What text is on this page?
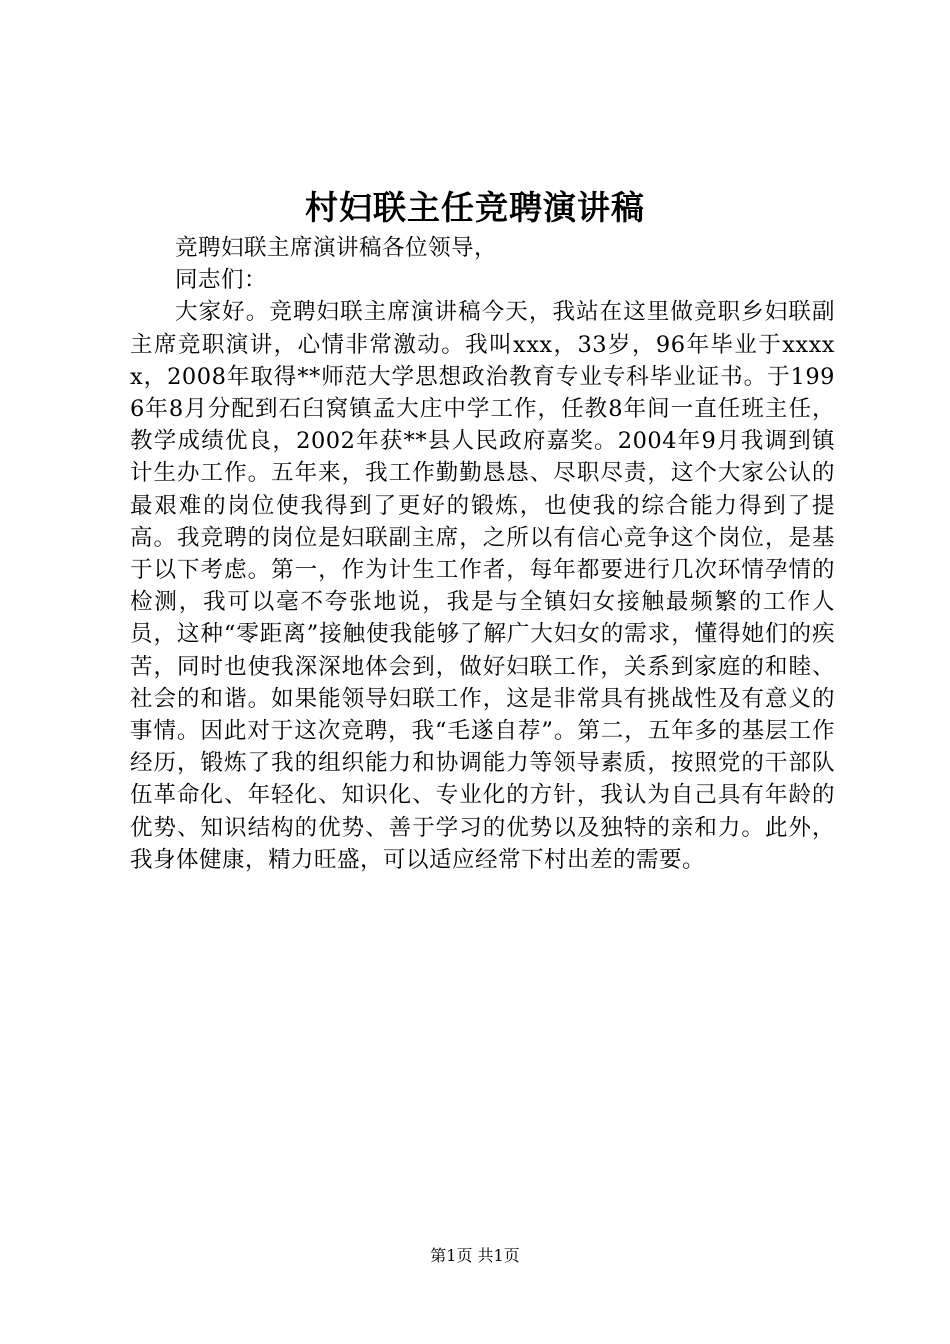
村妇联主任竞聘演讲稿

竞聘妇联主席演讲稿各位领导，

同志们：

大家好。竞聘妇联主席演讲稿今天，我站在这里做竞职乡妇联副主席竞职演讲，心情非常激动。我叫xxx，33岁，96年毕业于xxxxx，2008年取得**师范大学思想政治教育专业专科毕业证书。于1996年8月分配到石臼窝镇孟大庄中学工作，任教8年间一直任班主任，教学成绩优良，2002年获**县人民政府嘉奖。2004年9月我调到镇计生办工作。五年来，我工作勤勤恳恳、尽职尽责，这个大家公认的最艰难的岗位使我得到了更好的锻炼，也使我的综合能力得到了提高。我竞聘的岗位是妇联副主席，之所以有信心竞争这个岗位，是基于以下考虑。第一，作为计生工作者，每年都要进行几次环情孕情的检测，我可以毫不夸张地说，我是与全镇妇女接触最频繁的工作人员，这种“零距离”接触使我能够了解广大妇女的需求，懂得她们的疾苦，同时也使我深深地体会到，做好妇联工作，关系到家庭的和睦、社会的和谐。如果能领导妇联工作，这是非常具有挑战性及有意义的事情。因此对于这次竞聘，我“毛遂自荐”。第二，五年多的基层工作经历，锻炼了我的组织能力和协调能力等领导素质，按照党的干部队伍革命化、年轻化、知识化、专业化的方针，我认为自己具有年龄的优势、知识结构的优势、善于学习的优势以及独特的亲和力。此外，我身体健康，精力旺盛，可以适应经常下村出差的需要。

第1页 共1页
